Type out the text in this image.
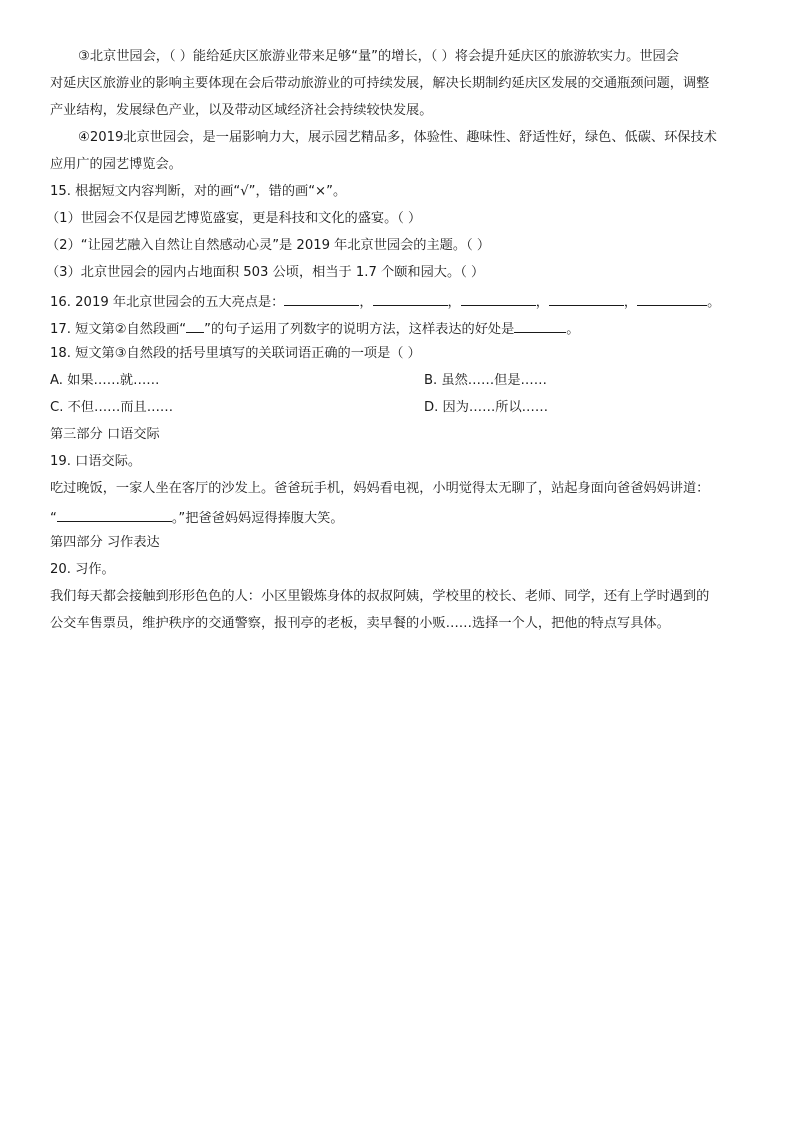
③北京世园会，（ ）能给延庆区旅游业带来足够“量”的增长，（ ）将会提升延庆区的旅游软实力。世园会
对延庆区旅游业的影响主要体现在会后带动旅游业的可持续发展，解决长期制约延庆区发展的交通瓶颈问题，调整
产业结构，发展绿色产业，以及带动区域经济社会持续较快发展。
④2019北京世园会，是一届影响力大，展示园艺精品多，体验性、趣味性、舒适性好，绿色、低碳、环保技术
应用广的园艺博览会。
15. 根据短文内容判断，对的画“√”，错的画“×”。
（1）世园会不仅是园艺博览盛宴，更是科技和文化的盛宴。（ ）
（2）“让园艺融入自然让自然感动心灵”是 2019 年北京世园会的主题。（ ）
（3）北京世园会的园内占地面积 503 公顷，相当于 1.7 个颐和园大。（ ）
16. 2019 年北京世园会的五大亮点是：	，	，	，	，	。
17. 短文第②自然段画“ ”的句子运用了列数字的说明方法，这样表达的好处是	。
18. 短文第③自然段的括号里填写的关联词语正确的一项是（ ）
A. 如果……就……	B. 虽然……但是……
C. 不但……而且……	D. 因为……所以……
第三部分 口语交际
19. 口语交际。
吃过晚饭，一家人坐在客厅的沙发上。爸爸玩手机，妈妈看电视，小明觉得太无聊了，站起身面向爸爸妈妈讲道：
“	。”把爸爸妈妈逗得捧腹大笑。
第四部分 习作表达
20. 习作。
我们每天都会接触到形形色色的人：小区里锻炼身体的叔叔阿姨，学校里的校长、老师、同学，还有上学时遇到的
公交车售票员，维护秩序的交通警察，报刊亭的老板，卖早餐的小贩……选择一个人，把他的特点写具体。
